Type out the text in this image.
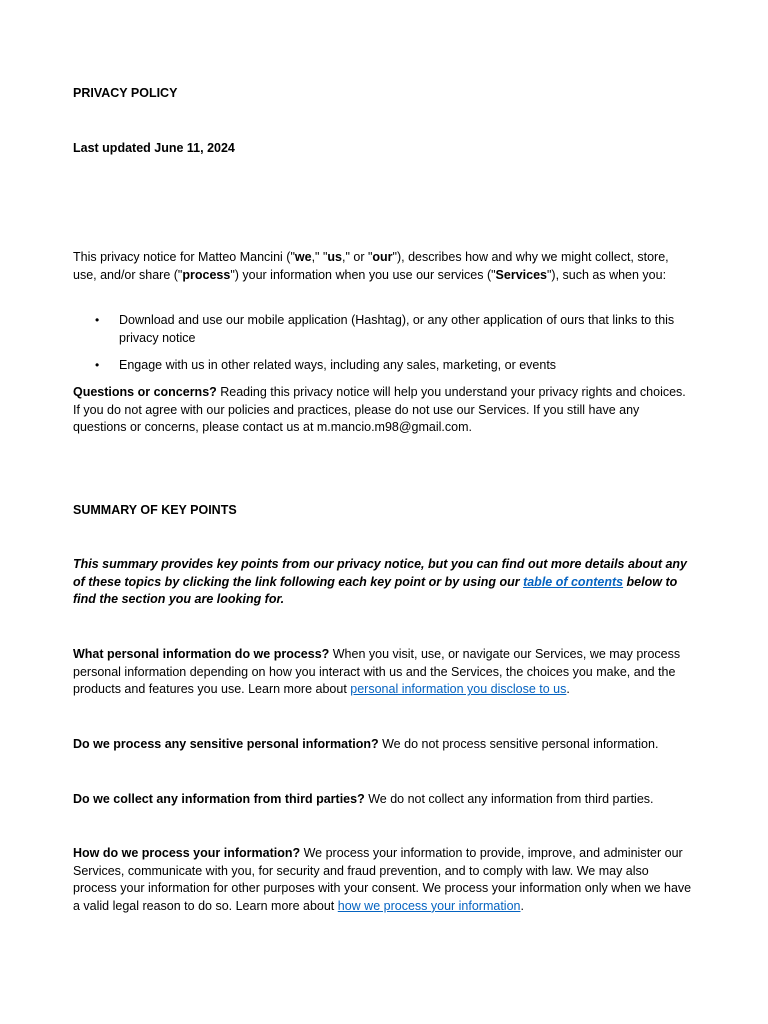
PRIVACY POLICY
Last updated June 11, 2024
This privacy notice for Matteo Mancini ("we," "us," or "our"), describes how and why we might collect, store, use, and/or share ("process") your information when you use our services ("Services"), such as when you:
• Download and use our mobile application (Hashtag), or any other application of ours that links to this privacy notice
• Engage with us in other related ways, including any sales, marketing, or events
Questions or concerns? Reading this privacy notice will help you understand your privacy rights and choices. If you do not agree with our policies and practices, please do not use our Services. If you still have any questions or concerns, please contact us at m.mancio.m98@gmail.com.
SUMMARY OF KEY POINTS
This summary provides key points from our privacy notice, but you can find out more details about any of these topics by clicking the link following each key point or by using our table of contents below to find the section you are looking for.
What personal information do we process? When you visit, use, or navigate our Services, we may process personal information depending on how you interact with us and the Services, the choices you make, and the products and features you use. Learn more about personal information you disclose to us.
Do we process any sensitive personal information? We do not process sensitive personal information.
Do we collect any information from third parties? We do not collect any information from third parties.
How do we process your information? We process your information to provide, improve, and administer our Services, communicate with you, for security and fraud prevention, and to comply with law. We may also process your information for other purposes with your consent. We process your information only when we have a valid legal reason to do so. Learn more about how we process your information.
